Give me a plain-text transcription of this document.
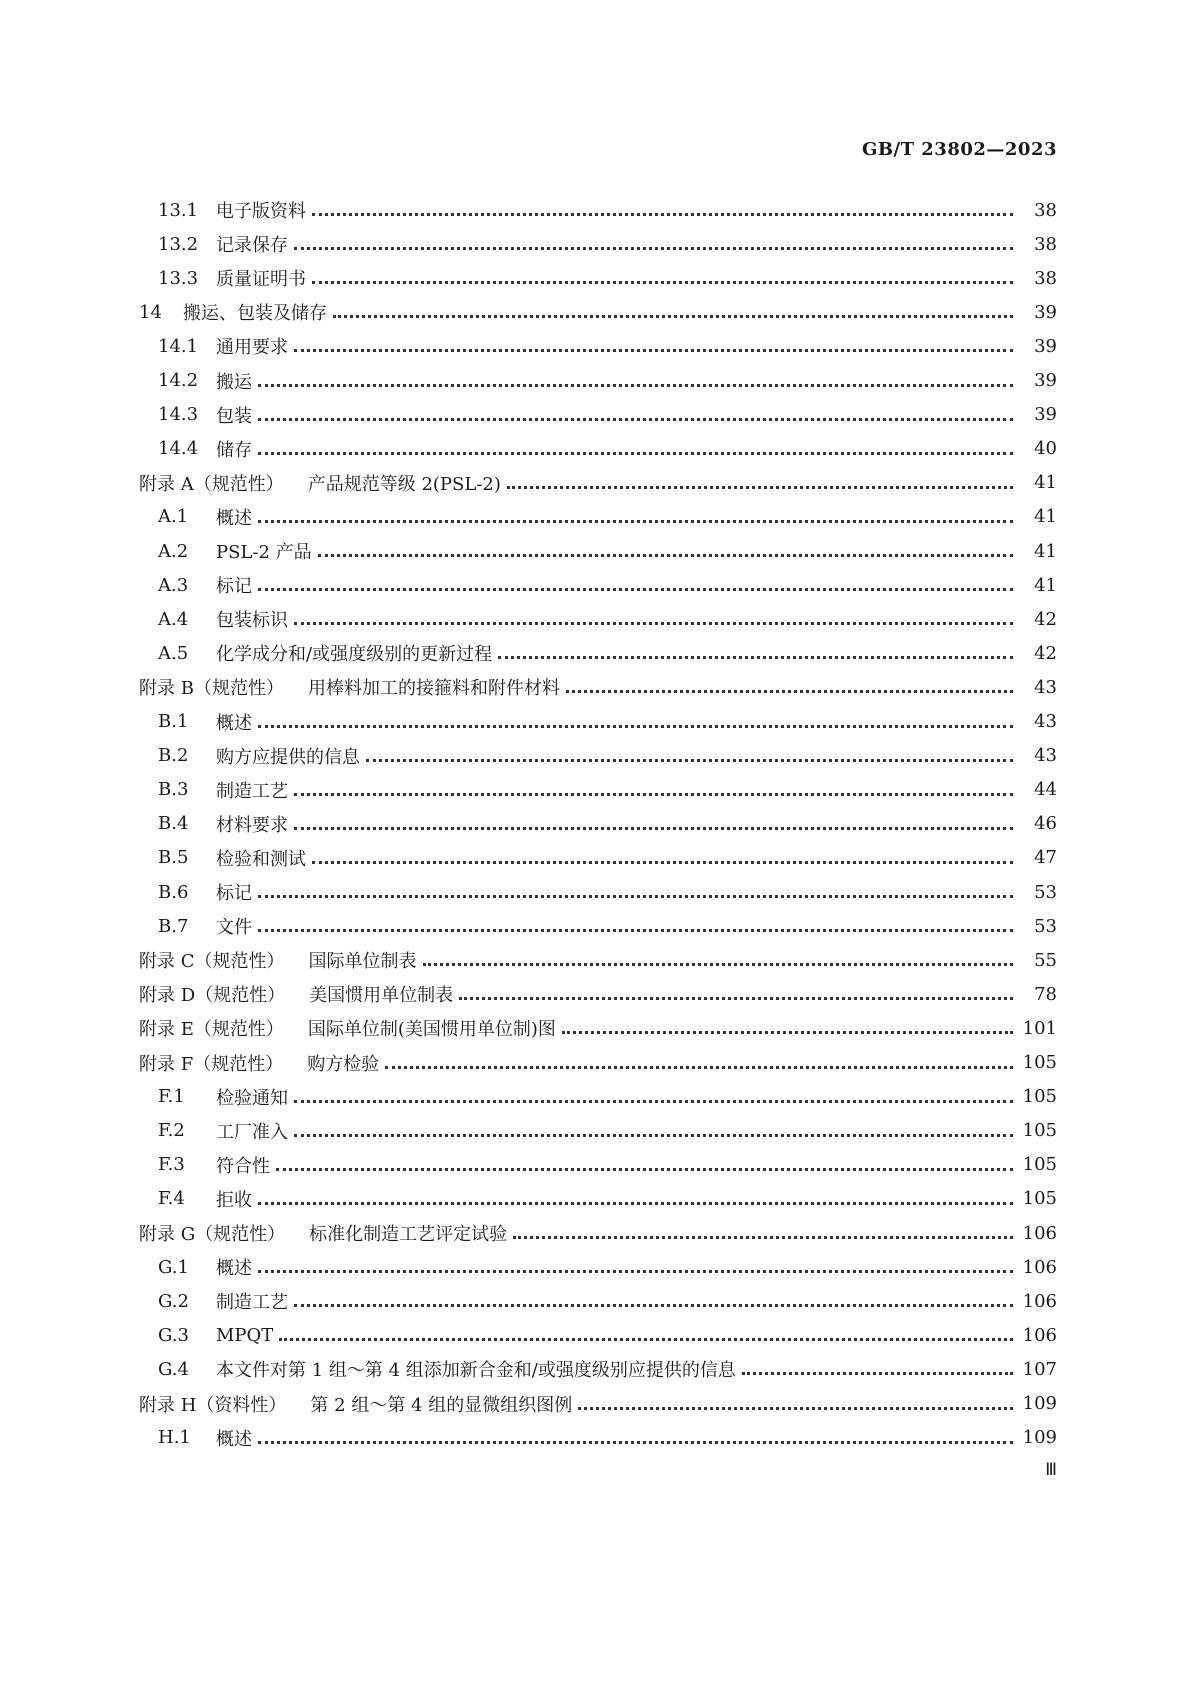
GB/T 23802—2023
13.1 电子版资料	38
13.2 记录保存	38
13.3 质量证明书	38
14	搬运、包装及储存	39
14.1 通用要求	39
14.2 搬运	39
14.3 包装	39
14.4 储存	40
附录 A（规范性） 产品规范等级 2(PSL-2)	41
A.1	概述	41
A.2	PSL-2 产品	41
A.3	标记	41
A.4	包装标识	42
A.5	化学成分和/或强度级别的更新过程	42
附录 B（规范性） 用棒料加工的接箍料和附件材料	43
B.1	概述	43
B.2	购方应提供的信息	43
B.3	制造工艺	44
B.4	材料要求	46
B.5	检验和测试	47
B.6	标记	53
B.7	文件	53
附录 C（规范性） 国际单位制表	55
附录 D（规范性） 美国惯用单位制表	78
附录 E（规范性） 国际单位制(美国惯用单位制)图	101
附录 F（规范性） 购方检验	105
F.1	检验通知	105
F.2	工厂准入	105
F.3	符合性	105
F.4	拒收	105
附录 G（规范性） 标准化制造工艺评定试验	106
G.1	概述	106
G.2	制造工艺	106
G.3	MPQT	106
G.4	本文件对第 1 组～第 4 组添加新合金和/或强度级别应提供的信息	107
附录 H（资料性） 第 2 组～第 4 组的显微组织图例	109
H.1	概述	109
Ⅲ
